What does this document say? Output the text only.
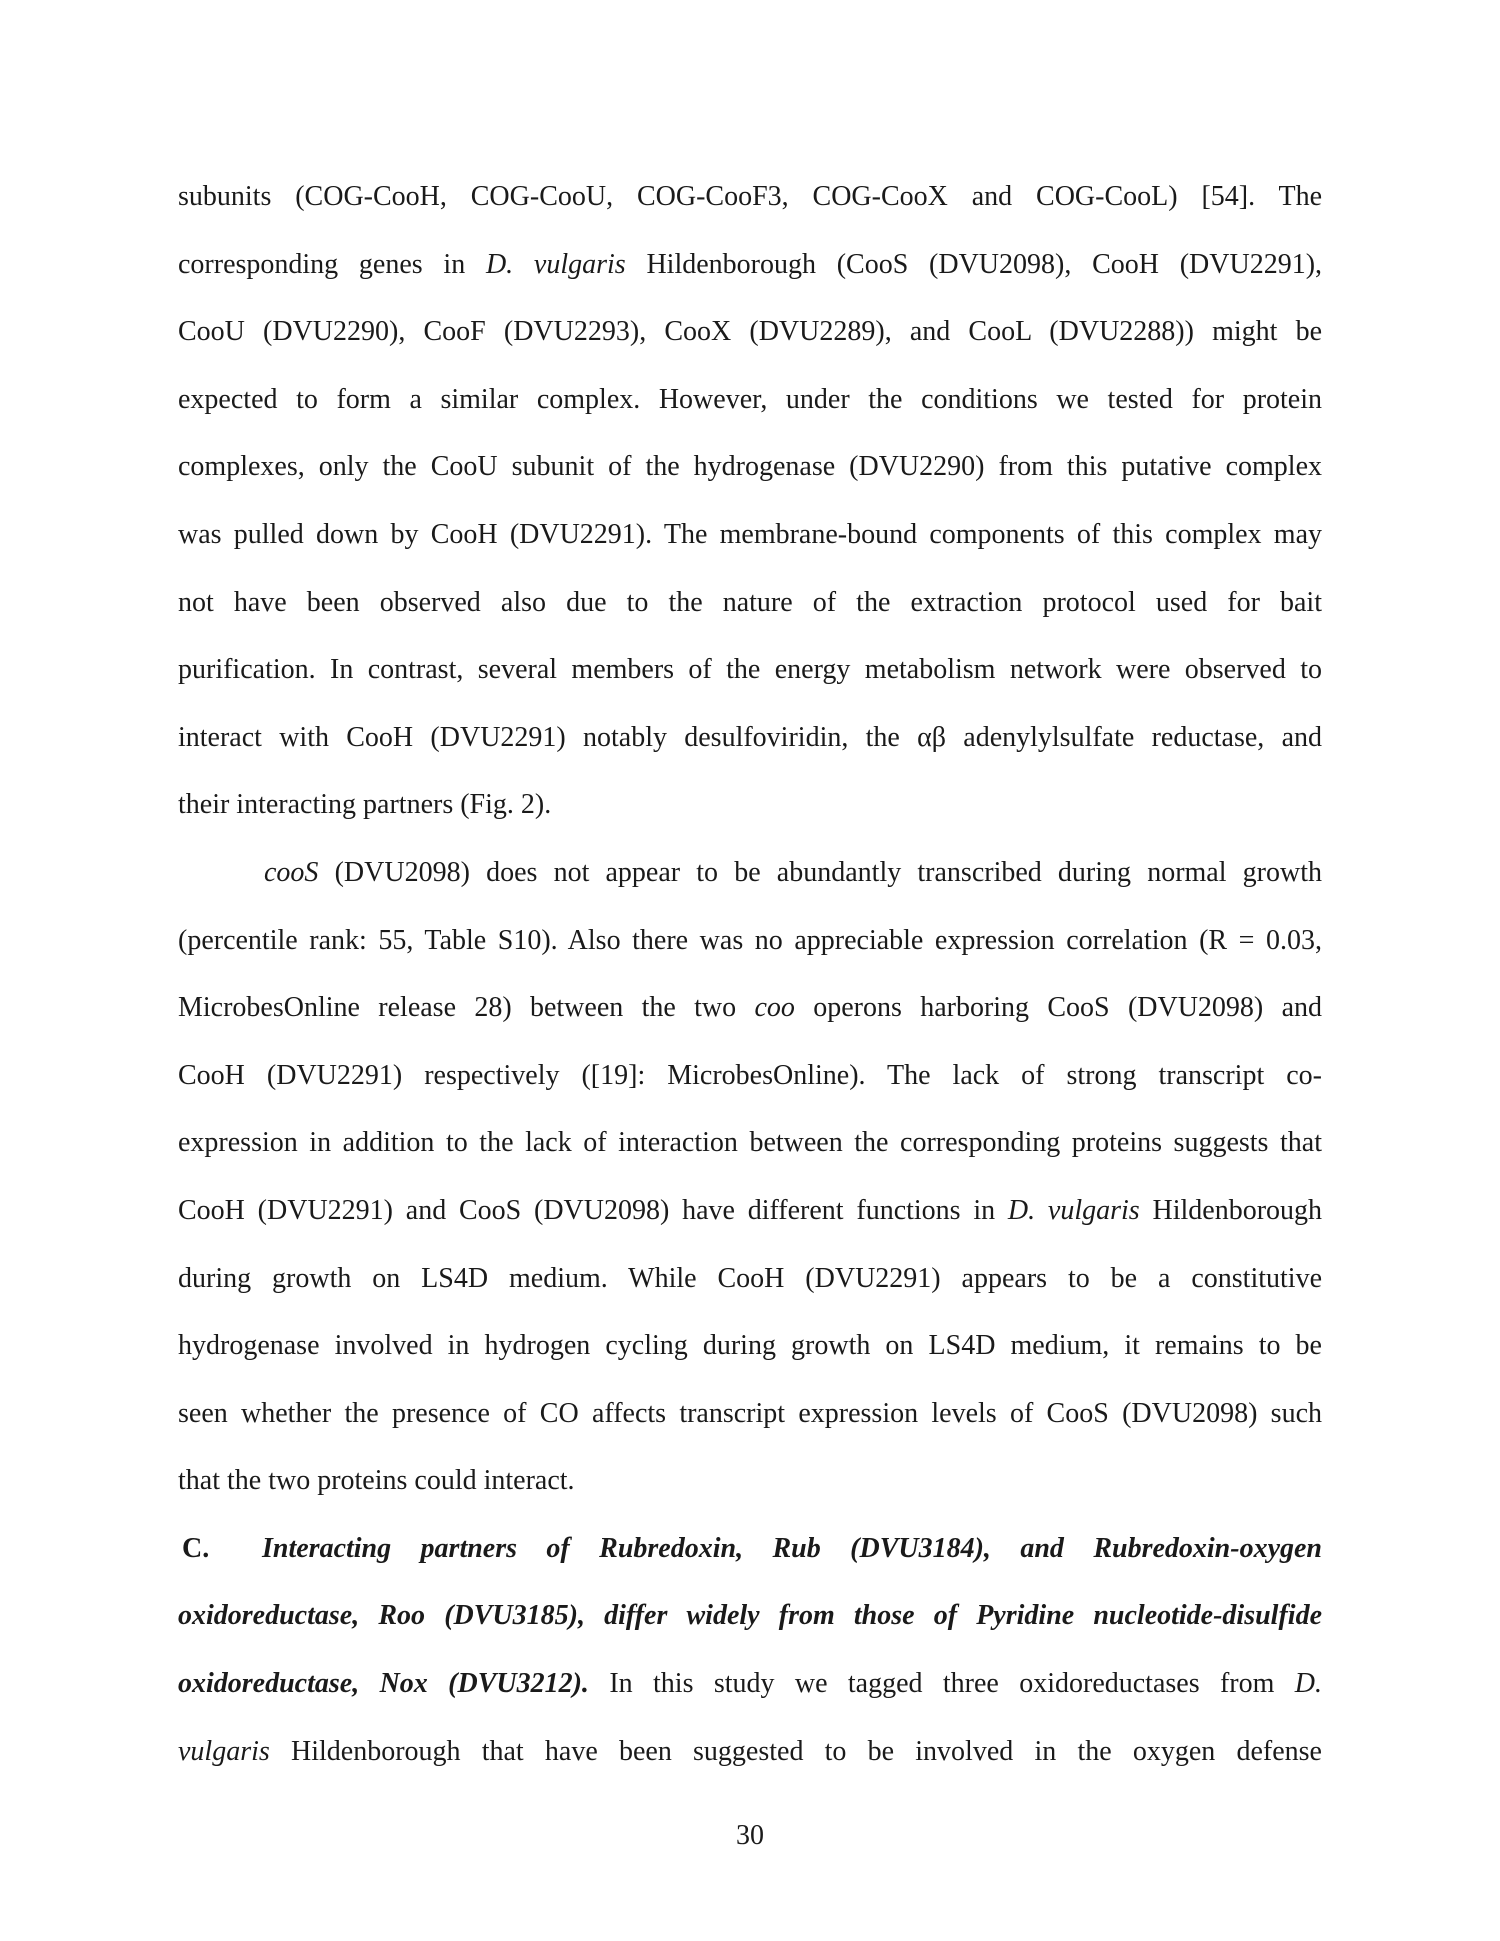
subunits (COG-CooH, COG-CooU, COG-CooF3, COG-CooX and COG-CooL) [54]. The
corresponding genes in D. vulgaris Hildenborough (CooS (DVU2098), CooH (DVU2291),
CooU (DVU2290), CooF (DVU2293), CooX (DVU2289), and CooL (DVU2288)) might be
expected to form a similar complex. However, under the conditions we tested for protein
complexes, only the CooU subunit of the hydrogenase (DVU2290) from this putative complex
was pulled down by CooH (DVU2291). The membrane-bound components of this complex may
not have been observed also due to the nature of the extraction protocol used for bait
purification. In contrast, several members of the energy metabolism network were observed to
interact with CooH (DVU2291) notably desulfoviridin, the αβ adenylylsulfate reductase, and
their interacting partners (Fig. 2).
cooS (DVU2098) does not appear to be abundantly transcribed during normal growth
(percentile rank: 55, Table S10). Also there was no appreciable expression correlation (R = 0.03,
MicrobesOnline release 28) between the two coo operons harboring CooS (DVU2098) and
CooH (DVU2291) respectively ([19]: MicrobesOnline). The lack of strong transcript co-
expression in addition to the lack of interaction between the corresponding proteins suggests that
CooH (DVU2291) and CooS (DVU2098) have different functions in D. vulgaris Hildenborough
during growth on LS4D medium. While CooH (DVU2291) appears to be a constitutive
hydrogenase involved in hydrogen cycling during growth on LS4D medium, it remains to be
seen whether the presence of CO affects transcript expression levels of CooS (DVU2098) such
that the two proteins could interact.
C. Interacting partners of Rubredoxin, Rub (DVU3184), and Rubredoxin-oxygen
oxidoreductase, Roo (DVU3185), differ widely from those of Pyridine nucleotide-disulfide
oxidoreductase, Nox (DVU3212). In this study we tagged three oxidoreductases from D.
vulgaris Hildenborough that have been suggested to be involved in the oxygen defense
30
